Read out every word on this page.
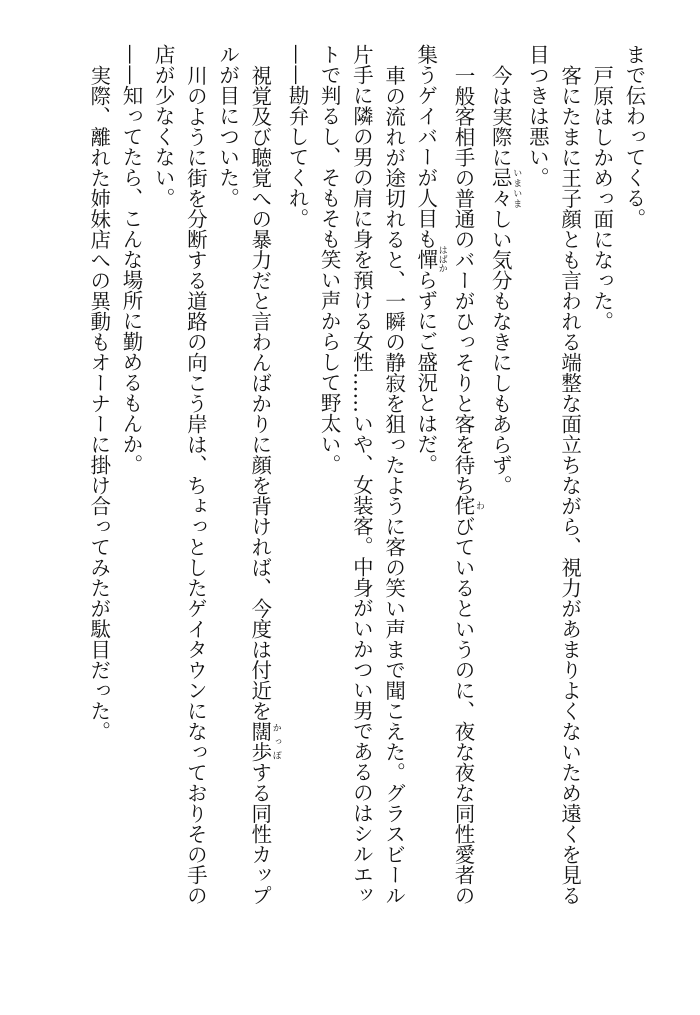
まで伝わってくる。

戸原はしかめっ面になった。

客にたまに王子顔とも言われる端整な面立ちながら、視力があまりよくないため遠くを見る

目つきは悪い。

今は実際に忌々 いまいましい気分もなきにしもあらず。

一般客相手の普通のバーがひっそりと客を待ち侘 わびているというのに、夜な夜な同性愛者の

集うゲイバーが人目も憚 はばからずにご盛況とはだ。

車の流れが途切れると、一瞬の静寂を狙ったように客の笑い声まで聞こえた。グラスビール

片手に隣の男の肩に身を預ける女性……いや、女装客。中身がいかつい男であるのはシルエッ

トで判るし、そもそも笑い声からして野太い。

——勘弁してくれ。

視覚及び聴覚への暴力だと言わんばかりに顔を背ければ、今度は付近を闊歩 かっぽする同性カップ

ルが目についた。

川のように街を分断する道路の向こう岸は、ちょっとしたゲイタウンになっておりその手の

店が少なくない。

——知ってたら、こんな場所に勤めるもんか。

実際、離れた姉妹店への異動もオーナーに掛け合ってみたが駄目だった。
